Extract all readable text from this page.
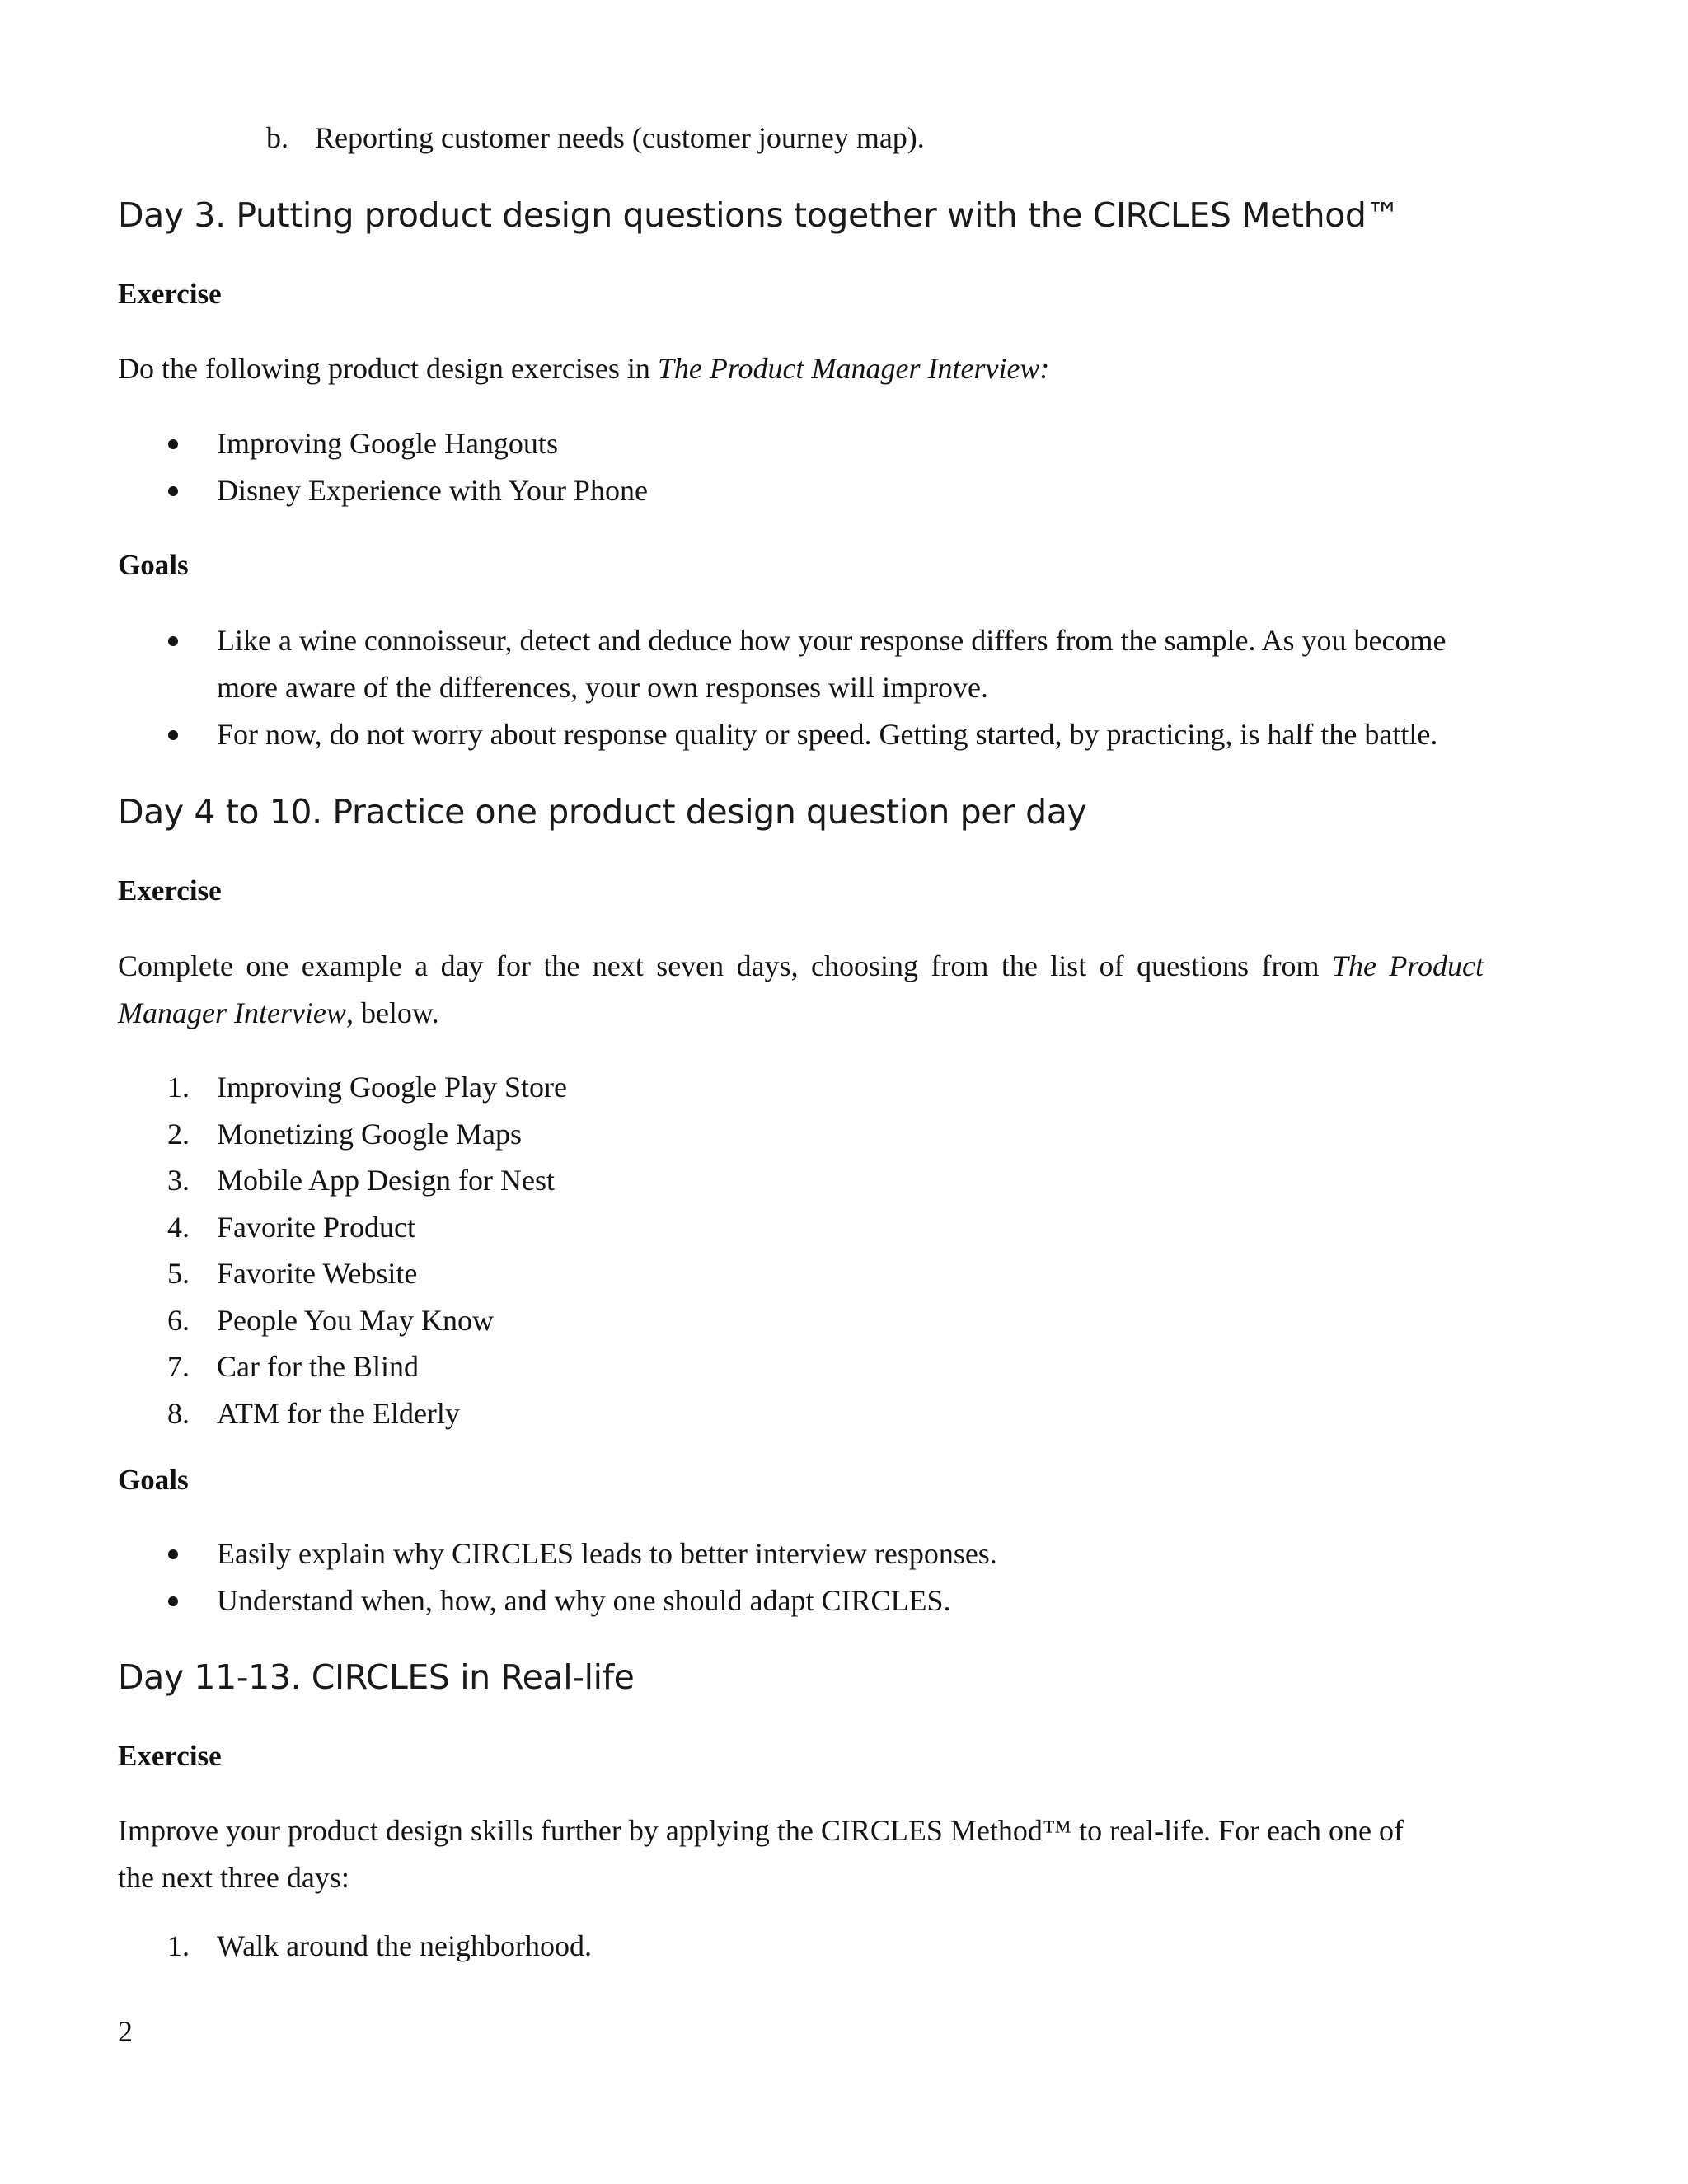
b. Reporting customer needs (customer journey map).
Day 3. Putting product design questions together with the CIRCLES Method™
Exercise
Do the following product design exercises in The Product Manager Interview:
Improving Google Hangouts
Disney Experience with Your Phone
Goals
Like a wine connoisseur, detect and deduce how your response differs from the sample. As you become more aware of the differences, your own responses will improve.
For now, do not worry about response quality or speed. Getting started, by practicing, is half the battle.
Day 4 to 10. Practice one product design question per day
Exercise
Complete one example a day for the next seven days, choosing from the list of questions from The Product Manager Interview, below.
1. Improving Google Play Store
2. Monetizing Google Maps
3. Mobile App Design for Nest
4. Favorite Product
5. Favorite Website
6. People You May Know
7. Car for the Blind
8. ATM for the Elderly
Goals
Easily explain why CIRCLES leads to better interview responses.
Understand when, how, and why one should adapt CIRCLES.
Day 11-13. CIRCLES in Real-life
Exercise
Improve your product design skills further by applying the CIRCLES Method™ to real-life. For each one of the next three days:
1. Walk around the neighborhood.
2
